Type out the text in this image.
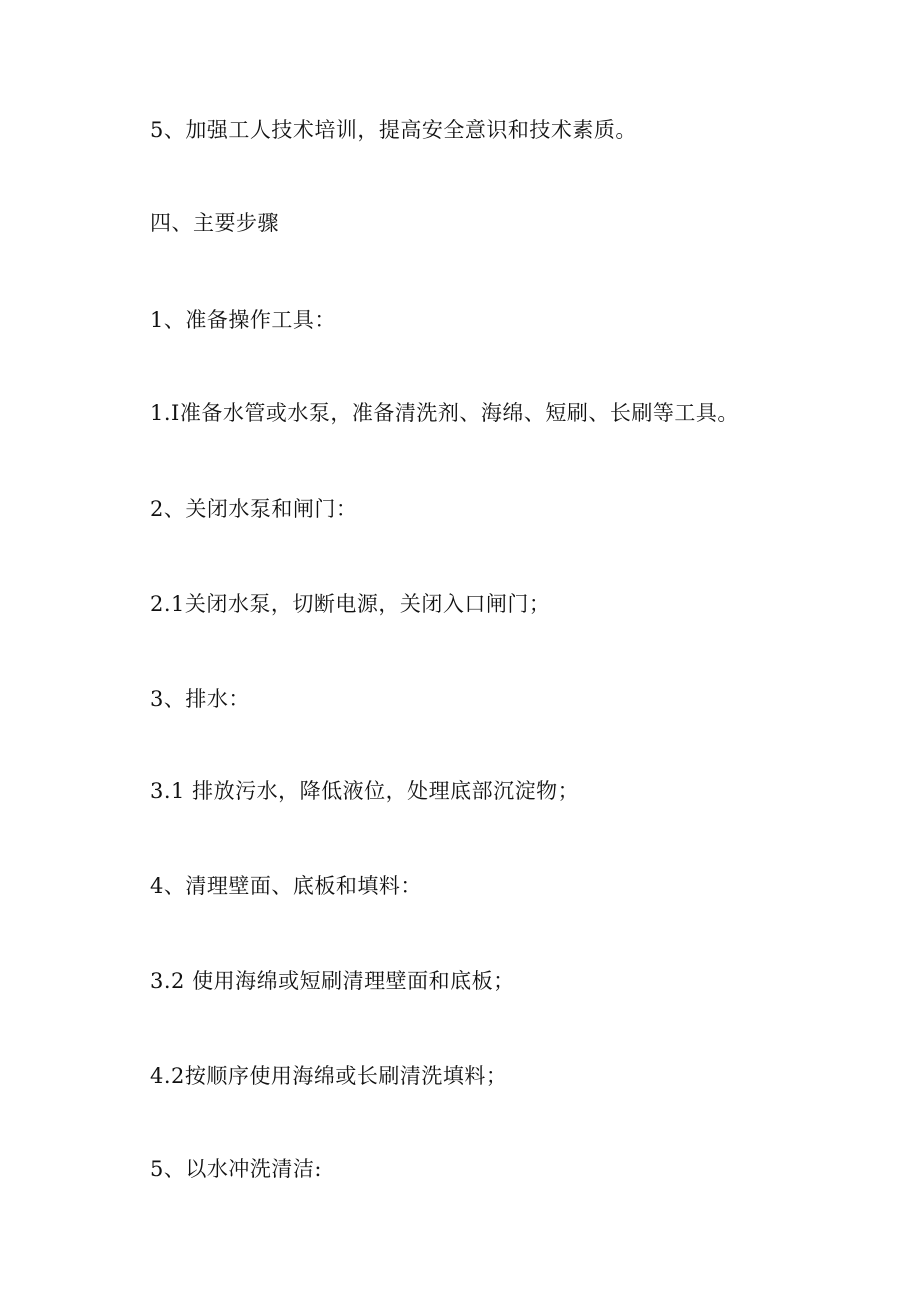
5、加强工人技术培训，提高安全意识和技术素质。
四、主要步骤
1、准备操作工具：
1.I准备水管或水泵，准备清洗剂、海绵、短刷、长刷等工具。
2、关闭水泵和闸门：
2.1关闭水泵，切断电源，关闭入口闸门；
3、排水：
3.1 排放污水，降低液位，处理底部沉淀物；
4、清理壁面、底板和填料：
3.2 使用海绵或短刷清理壁面和底板；
4.2按顺序使用海绵或长刷清洗填料；
5、以水冲洗清洁:
